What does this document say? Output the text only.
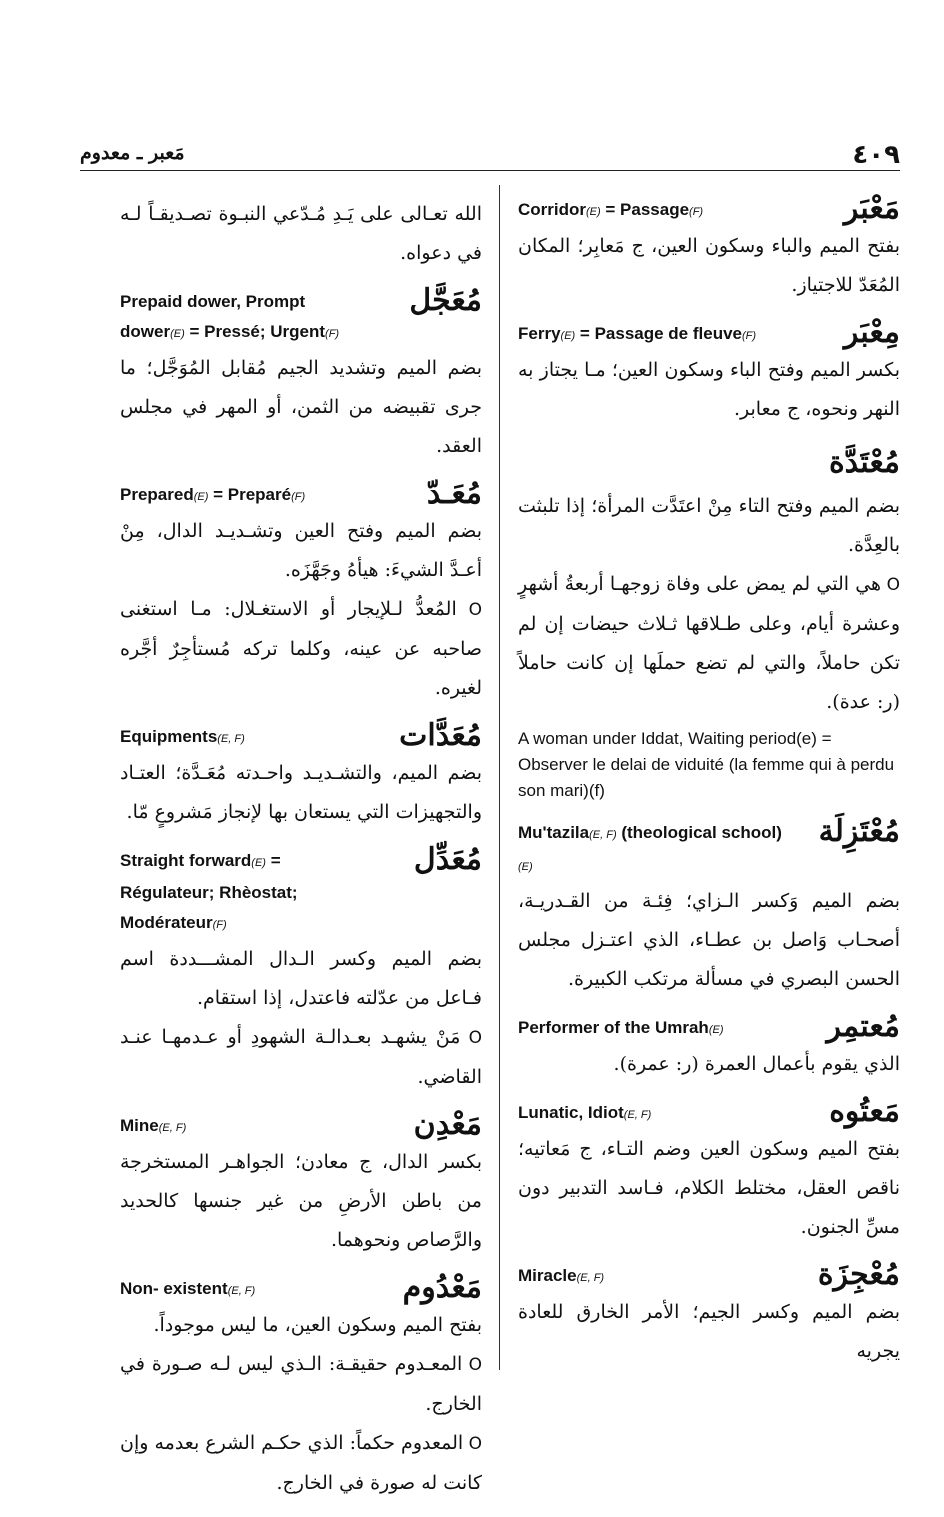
٤٠٩
مَعبر ـ معدوم
مَعْبَر
Corridor(E) = Passage(F)

بفتح الميم والباء وسكون العين، ج مَعابِر؛ المكان المُعَدّ للاجتياز.

مِعْبَر
Ferry(E) = Passage de fleuve(F)

بكسر الميم وفتح الباء وسكون العين؛ مـا يجتاز به النهر ونحوه، ج معابر.

مُعْتَدَّة

بضم الميم وفتح التاء مِنْ اعتَدَّت المرأة؛ إذا تلبثت بالعِدَّة.

O هي التي لم يمض على وفاة زوجهـا أربعةُ أشهرٍ وعشرة أيام، وعلى طـلاقها ثـلاث حيضات إن لم تكن حاملاً، والتي لم تضع حملَها إن كانت حاملاً (ر: عدة).

A woman under Iddat, Waiting period(e) = Observer le delai de viduité (la femme qui à perdu son mari)(f)

مُعْتَزِلَة
Mu'tazila(E, F) (theological school)(E)

بضم الميم وَكسر الـزاي؛ فِئـة من القـدريـة، أصحـاب وَاصل بن عطـاء، الذي اعتـزل مجلس الحسن البصري في مسألة مرتكب الكبيرة.

مُعتمِر
Performer of the Umrah(E)

الذي يقوم بأعمال العمرة (ر: عمرة).

مَعتُوه
Lunatic, Idiot(E, F)

بفتح الميم وسكون العين وضم التـاء، ج مَعاتيه؛ ناقص العقل، مختلط الكلام، فـاسد التدبير دون مسِّ الجنون.

مُعْجِزَة
Miracle(E, F)

بضم الميم وكسر الجيم؛ الأمر الخارق للعادة يجريه

الله تعـالى على يَـدِ مُـدّعي النبـوة تصـديقـاً لـه في دعواه.

مُعَجَّل
Prepaid dower, Prompt dower(E) = Pressé; Urgent(F)

بضم الميم وتشديد الجيم مُقابل المُوَجَّل؛ ما جرى تقبيضه من الثمن، أو المهر في مجلس العقد.

مُعَـدّ
Prepared(E) = Preparé(F)

بضم الميم وفتح العين وتشـديـد الدال، مِنْ أعـدَّ الشيءَ: هيأهُ وجَهَّزَه.

O المُعدُّ لـلإيجار أو الاستغـلال: مـا استغنى صاحبه عن عينه، وكلما تركه مُستأجِرٌ أجَّره لغيره.

مُعَدَّات
Equipments(E, F)

بضم الميم، والتشـديـد واحـدته مُعَـدَّة؛ العتـاد والتجهيزات التي يستعان بها لإنجاز مَشروعٍ مّا.

مُعَدِّل
Straight forward(E) = Régulateur; Rhèostat; Modérateur(F)

بضم الميم وكسر الـدال المشـــددة اسم فـاعل من عدّلته فاعتدل، إذا استقام.

O مَنْ يشهـد بعـدالـة الشهودِ أو عـدمهـا عنـد القاضي.

مَعْدِن
Mine(E, F)

بكسر الدال، ج معادن؛ الجواهـر المستخرجة من باطن الأرضِ من غير جنسها كالحديد والرَّصاص ونحوهما.

مَعْدُوم
Non- existent(E, F)

بفتح الميم وسكون العين، ما ليس موجوداً.

O المعـدوم حقيقـة: الـذي ليس لـه صـورة في الخارج.

O المعدوم حكماً: الذي حكـم الشرع بعدمه وإن كانت له صورة في الخارج.
